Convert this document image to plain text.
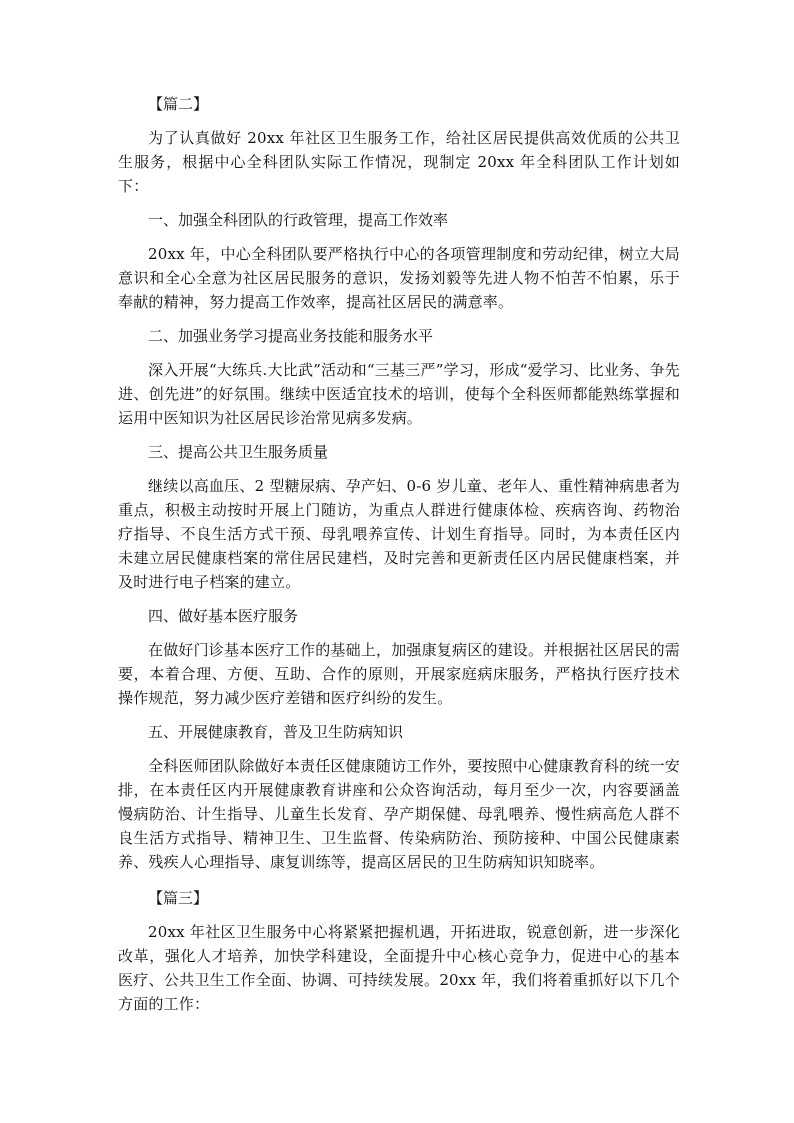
【篇二】

为了认真做好 20xx 年社区卫生服务工作，给社区居民提供高效优质的公共卫生服务，根据中心全科团队实际工作情况，现制定 20xx 年全科团队工作计划如下：

一、加强全科团队的行政管理，提高工作效率

20xx 年，中心全科团队要严格执行中心的各项管理制度和劳动纪律，树立大局意识和全心全意为社区居民服务的意识，发扬刘毅等先进人物不怕苦不怕累，乐于奉献的精神，努力提高工作效率，提高社区居民的满意率。

二、加强业务学习提高业务技能和服务水平

深入开展“大练兵.大比武”活动和“三基三严”学习，形成“爱学习、比业务、争先进、创先进”的好氛围。继续中医适宜技术的培训，使每个全科医师都能熟练掌握和运用中医知识为社区居民诊治常见病多发病。

三、提高公共卫生服务质量

继续以高血压、2 型糖尿病、孕产妇、0-6 岁儿童、老年人、重性精神病患者为重点，积极主动按时开展上门随访，为重点人群进行健康体检、疾病咨询、药物治疗指导、不良生活方式干预、母乳喂养宣传、计划生育指导。同时，为本责任区内未建立居民健康档案的常住居民建档，及时完善和更新责任区内居民健康档案，并及时进行电子档案的建立。

四、做好基本医疗服务

在做好门诊基本医疗工作的基础上，加强康复病区的建设。并根据社区居民的需要，本着合理、方便、互助、合作的原则，开展家庭病床服务，严格执行医疗技术操作规范，努力减少医疗差错和医疗纠纷的发生。

五、开展健康教育，普及卫生防病知识

全科医师团队除做好本责任区健康随访工作外，要按照中心健康教育科的统一安排，在本责任区内开展健康教育讲座和公众咨询活动，每月至少一次，内容要涵盖慢病防治、计生指导、儿童生长发育、孕产期保健、母乳喂养、慢性病高危人群不良生活方式指导、精神卫生、卫生监督、传染病防治、预防接种、中国公民健康素养、残疾人心理指导、康复训练等，提高区居民的卫生防病知识知晓率。

【篇三】

20xx 年社区卫生服务中心将紧紧把握机遇，开拓进取，锐意创新，进一步深化改革，强化人才培养，加快学科建设，全面提升中心核心竞争力，促进中心的基本医疗、公共卫生工作全面、协调、可持续发展。20xx 年，我们将着重抓好以下几个方面的工作：
